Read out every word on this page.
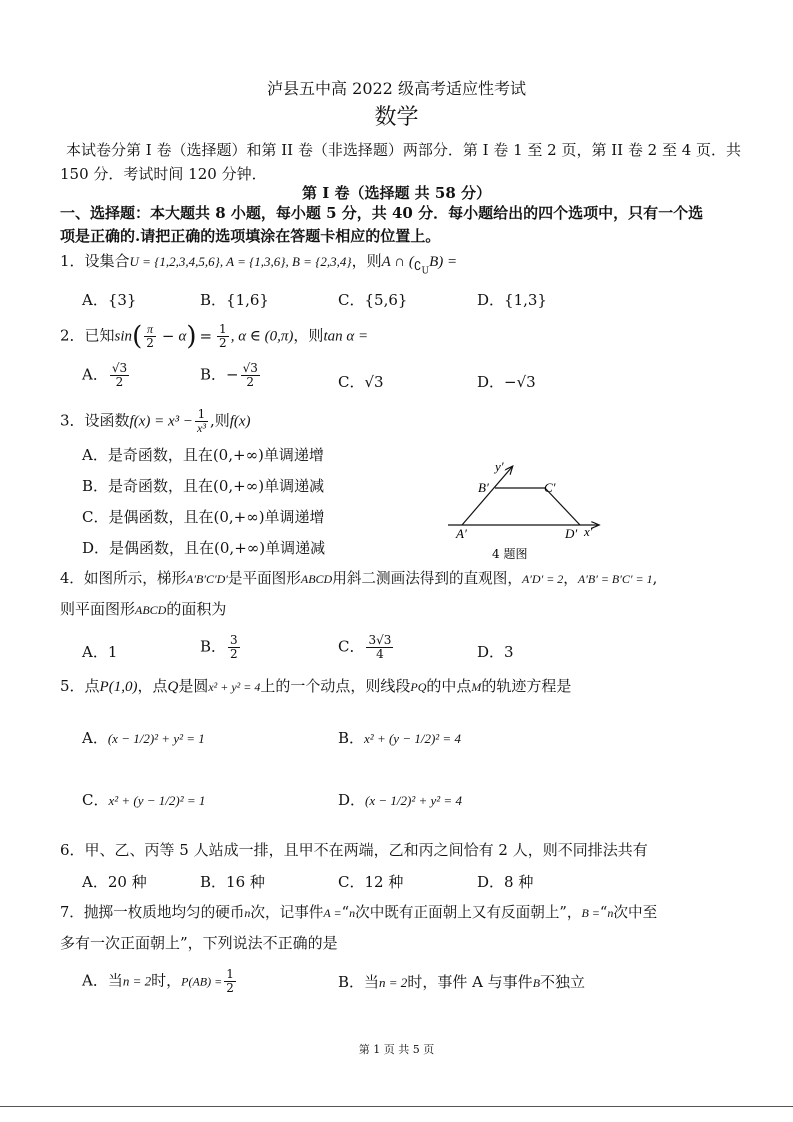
泸县五中高 2022 级高考适应性考试
数学
本试卷分第 I 卷（选择题）和第 II 卷（非选择题）两部分．第 I 卷 1 至 2 页，第 II 卷 2 至 4 页．共
150 分．考试时间 120 分钟．
第 I 卷（选择题 共 58 分）
一、选择题：本大题共 8 小题，每小题 5 分，共 40 分．每小题给出的四个选项中，只有一个选
项是正确的.请把正确的选项填涂在答题卡相应的位置上。
1．设集合U = {1,2,3,4,5,6}, A = {1,3,6}, B = {2,3,4}，则A ∩ $(_{∁_U}B)$ =
A．{3}	B．{1,6}	C．{5,6}	D．{1,3}
2．已知$\sin( \frac{\pi}{2} - \alpha) = \frac{1}{2}$ , α ∈ (0,π)，则tan α =
A． $\frac{√3}{2}$	B．− $\frac{√3}{2}$	C．√3	D．−√3
3．设函数$f(x) = x^3 - \frac{1}{\text{x³}}$ ,则f(x)
A．是奇函数，且在(0,+∞)单调递增
B．是奇函数，且在(0,+∞)单调递减
C．是偶函数，且在(0,+∞)单调递增
D．是偶函数，且在(0,+∞)单调递减
y′
B′	C′
A′	D′ x′
4 题图
4．如图所示，梯形A′B′C′D′是平面图形ABCD用斜二测画法得到的直观图，A′D′ = 2，A′B′ = B′C′ = 1,
则平面图形ABCD的面积为
A．1	B． $\frac{3}{2}$	C． $\frac{3√3}{4}$	D．3
5．点P(1,0)，点Q是圆x² + y² = 4上的一个动点，则线段PQ的中点M的轨迹方程是
A．(x − 1/2)² + y² = 1	B．x² + (y − 1/2)² = 4
C．x² + (y − 1/2)² = 1	D．(x − 1/2)² + y² = 4
6．甲、乙、丙等 5 人站成一排，且甲不在两端，乙和丙之间恰有 2 人，则不同排法共有
A．20 种	B．16 种	C．12 种	D．8 种
7．抛掷一枚质地均匀的硬币n次，记事件A =“n次中既有正面朝上又有反面朝上”，B =“n次中至
多有一次正面朝上”，下列说法不正确的是
A．当n = 2时，$P(AB) = \frac{1}{2}$	B．当n = 2时，事件 A 与事件B不独立
第 1 页 共 5 页
